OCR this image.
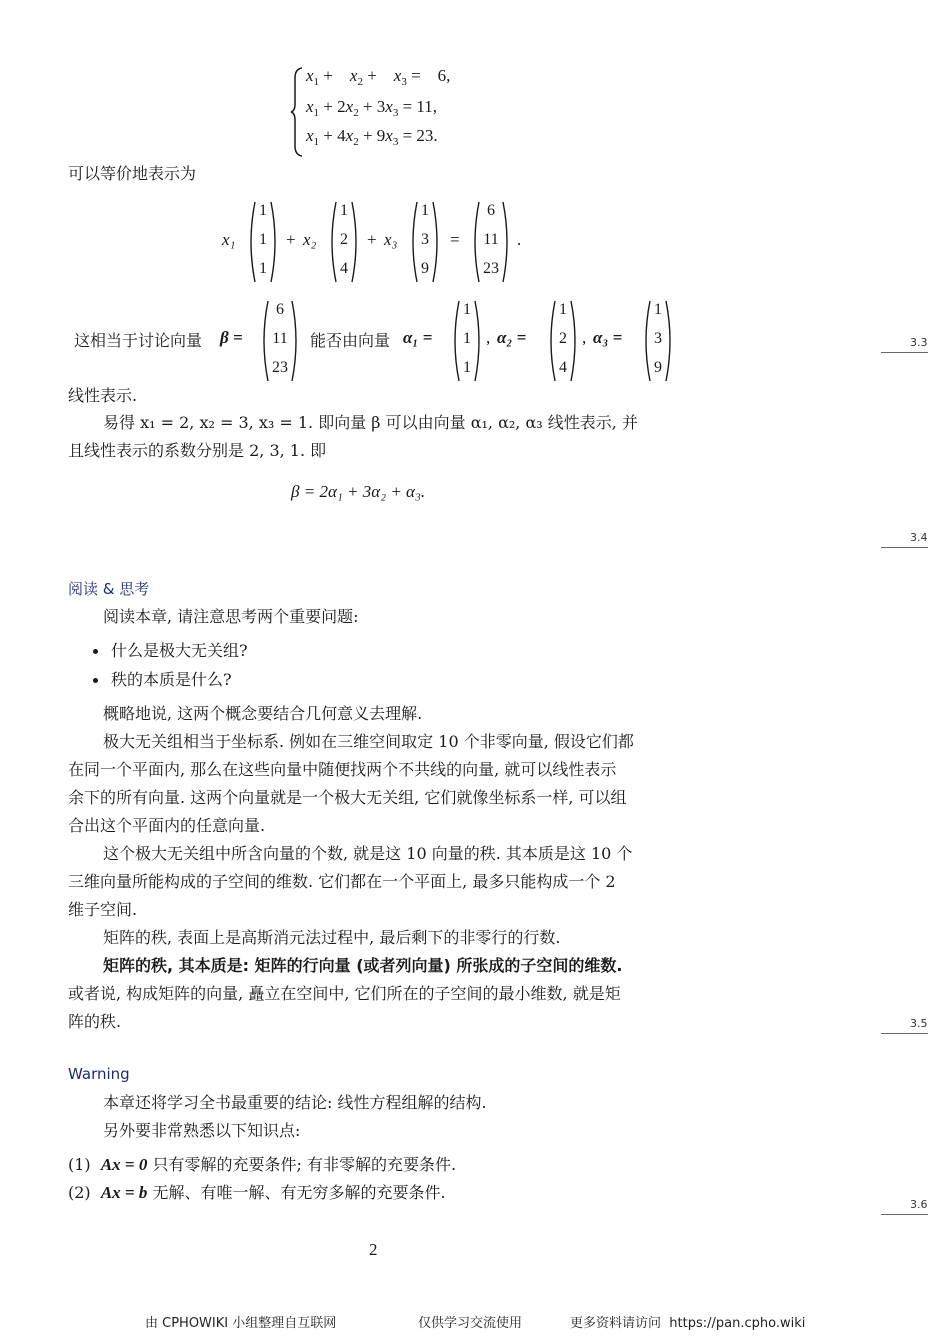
$x_1$ +    $x_2$ +    $x_3$ =    6,
$x_1 + 2x_2 + 3x_3 = 11$,
$x_1 + 4x_2 + 9x_3 = 23$.
可以等价地表示为
x₁
1
1
1
+ x₂
1
2
4
+ x₃
1
3
9
=
6
11
23
.
这相当于讨论向量 β =
6
11
23
能否由向量 α₁ =
1
1
1
, α₂ =
1
2
4
, α₃ =
1
3
9
线性表示.
易得 x₁ = 2, x₂ = 3, x₃ = 1. 即向量 β 可以由向量 α₁, α₂, α₃ 线性表示, 并
且线性表示的系数分别是 2, 3, 1. 即
β = 2α₁ + 3α₂ + α₃.
阅读 & 思考
阅读本章, 请注意思考两个重要问题:
什么是极大无关组?
秩的本质是什么?
概略地说, 这两个概念要结合几何意义去理解.
极大无关组相当于坐标系. 例如在三维空间取定 10 个非零向量, 假设它们都
在同一个平面内, 那么在这些向量中随便找两个不共线的向量, 就可以线性表示
余下的所有向量. 这两个向量就是一个极大无关组, 它们就像坐标系一样, 可以组
合出这个平面内的任意向量.
这个极大无关组中所含向量的个数, 就是这 10 向量的秩. 其本质是这 10 个
三维向量所能构成的子空间的维数. 它们都在一个平面上, 最多只能构成一个 2
维子空间.
矩阵的秩, 表面上是高斯消元法过程中, 最后剩下的非零行的行数.
矩阵的秩, 其本质是: 矩阵的行向量 (或者列向量) 所张成的子空间的维数.
或者说, 构成矩阵的向量, 矗立在空间中, 它们所在的子空间的最小维数, 就是矩
阵的秩.
Warning
本章还将学习全书最重要的结论: 线性方程组解的结构.
另外要非常熟悉以下知识点:
(1) Ax = 0 只有零解的充要条件; 有非零解的充要条件.
(2) Ax = b 无解、有唯一解、有无穷多解的充要条件.
3.3
3.4
3.5
3.6
2
由 CPHOWIKI 小组整理自互联网	仅供学习交流使用	更多资料请访问 https://pan.cpho.wiki
